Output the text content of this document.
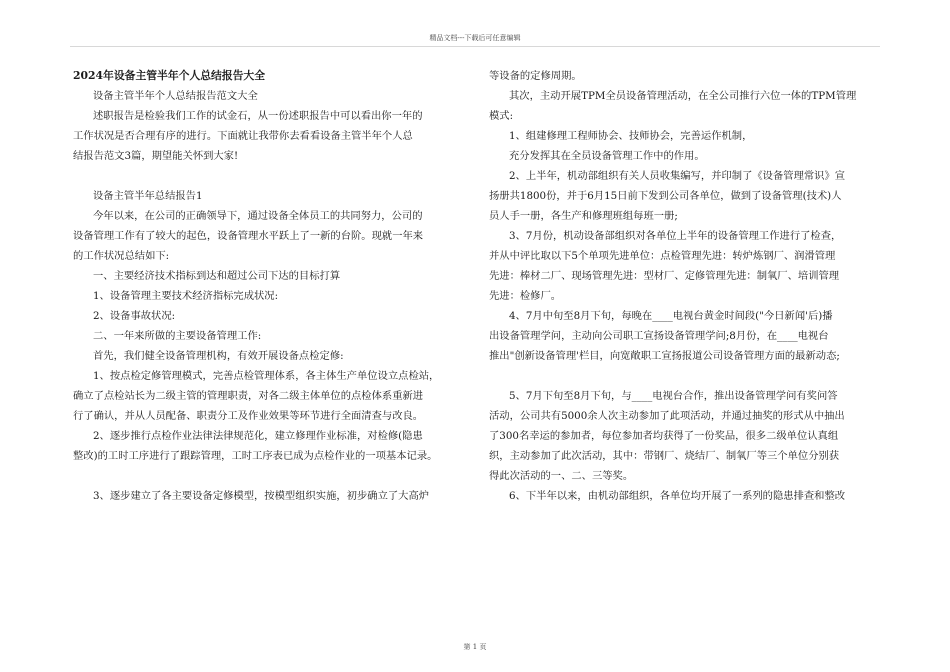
精品文档---下载后可任意编辑

2024年设备主管半年个人总结报告大全

设备主管半年个人总结报告范文大全

述职报告是检验我们工作的试金石，从一份述职报告中可以看出你一年的

工作状况是否合理有序的进行。下面就让我带你去看看设备主管半年个人总

结报告范文3篇，期望能关怀到大家!

设备主管半年总结报告1

今年以来，在公司的正确领导下，通过设备全体员工的共同努力，公司的

设备管理工作有了较大的起色，设备管理水平跃上了一新的台阶。现就一年来

的工作状况总结如下:

一、主要经济技术指标到达和超过公司下达的目标打算

1、设备管理主要技术经济指标完成状况:

2、设备事故状况:

二、一年来所做的主要设备管理工作:

首先，我们健全设备管理机构，有效开展设备点检定修:

1、按点检定修管理模式，完善点检管理体系，各主体生产单位设立点检站，

确立了点检站长为二级主管的管理职责，对各二级主体单位的点检体系重新进

行了确认，并从人员配备、职责分工及作业效果等环节进行全面清查与改良。

2、逐步推行点检作业法律法律规范化，建立修理作业标准，对检修(隐患

整改)的工时工序进行了跟踪管理，工时工序表已成为点检作业的一项基本记录。

3、逐步建立了各主要设备定修模型，按模型组织实施，初步确立了大高炉

等设备的定修周期。

其次，主动开展TPM全员设备管理活动，在全公司推行六位一体的TPM管理

模式:

1、组建修理工程师协会、技师协会，完善运作机制，

充分发挥其在全员设备管理工作中的作用。

2、上半年，机动部组织有关人员收集编写，并印制了《设备管理常识》宣

扬册共1800份，并于6月15日前下发到公司各单位，做到了设备管理(技术)人

员人手一册，各生产和修理班组每班一册;

3、7月份，机动设备部组织对各单位上半年的设备管理工作进行了检查，

并从中评比取以下5个单项先进单位：点检管理先进：转炉炼钢厂、润滑管理

先进：棒材二厂、现场管理先进：型材厂、定修管理先进：制氧厂、培训管理

先进：检修厂。

4、7月中旬至8月下旬，每晚在____电视台黄金时间段("今日新闻'后)播

出设备管理学问，主动向公司职工宣扬设备管理学问;8月份，在____电视台

推出"创新设备管理'栏目，向宽敞职工宣扬报道公司设备管理方面的最新动态;

5、7月下旬至8月下旬，与____电视台合作，推出设备管理学问有奖问答

活动，公司共有5000余人次主动参加了此项活动，并通过抽奖的形式从中抽出

了300名幸运的参加者，每位参加者均获得了一份奖品，很多二级单位认真组

织，主动参加了此次活动，其中：带钢厂、烧结厂、制氧厂等三个单位分别获

得此次活动的一、二、三等奖。

6、下半年以来，由机动部组织，各单位均开展了一系列的隐患排查和整改

第 1 页
